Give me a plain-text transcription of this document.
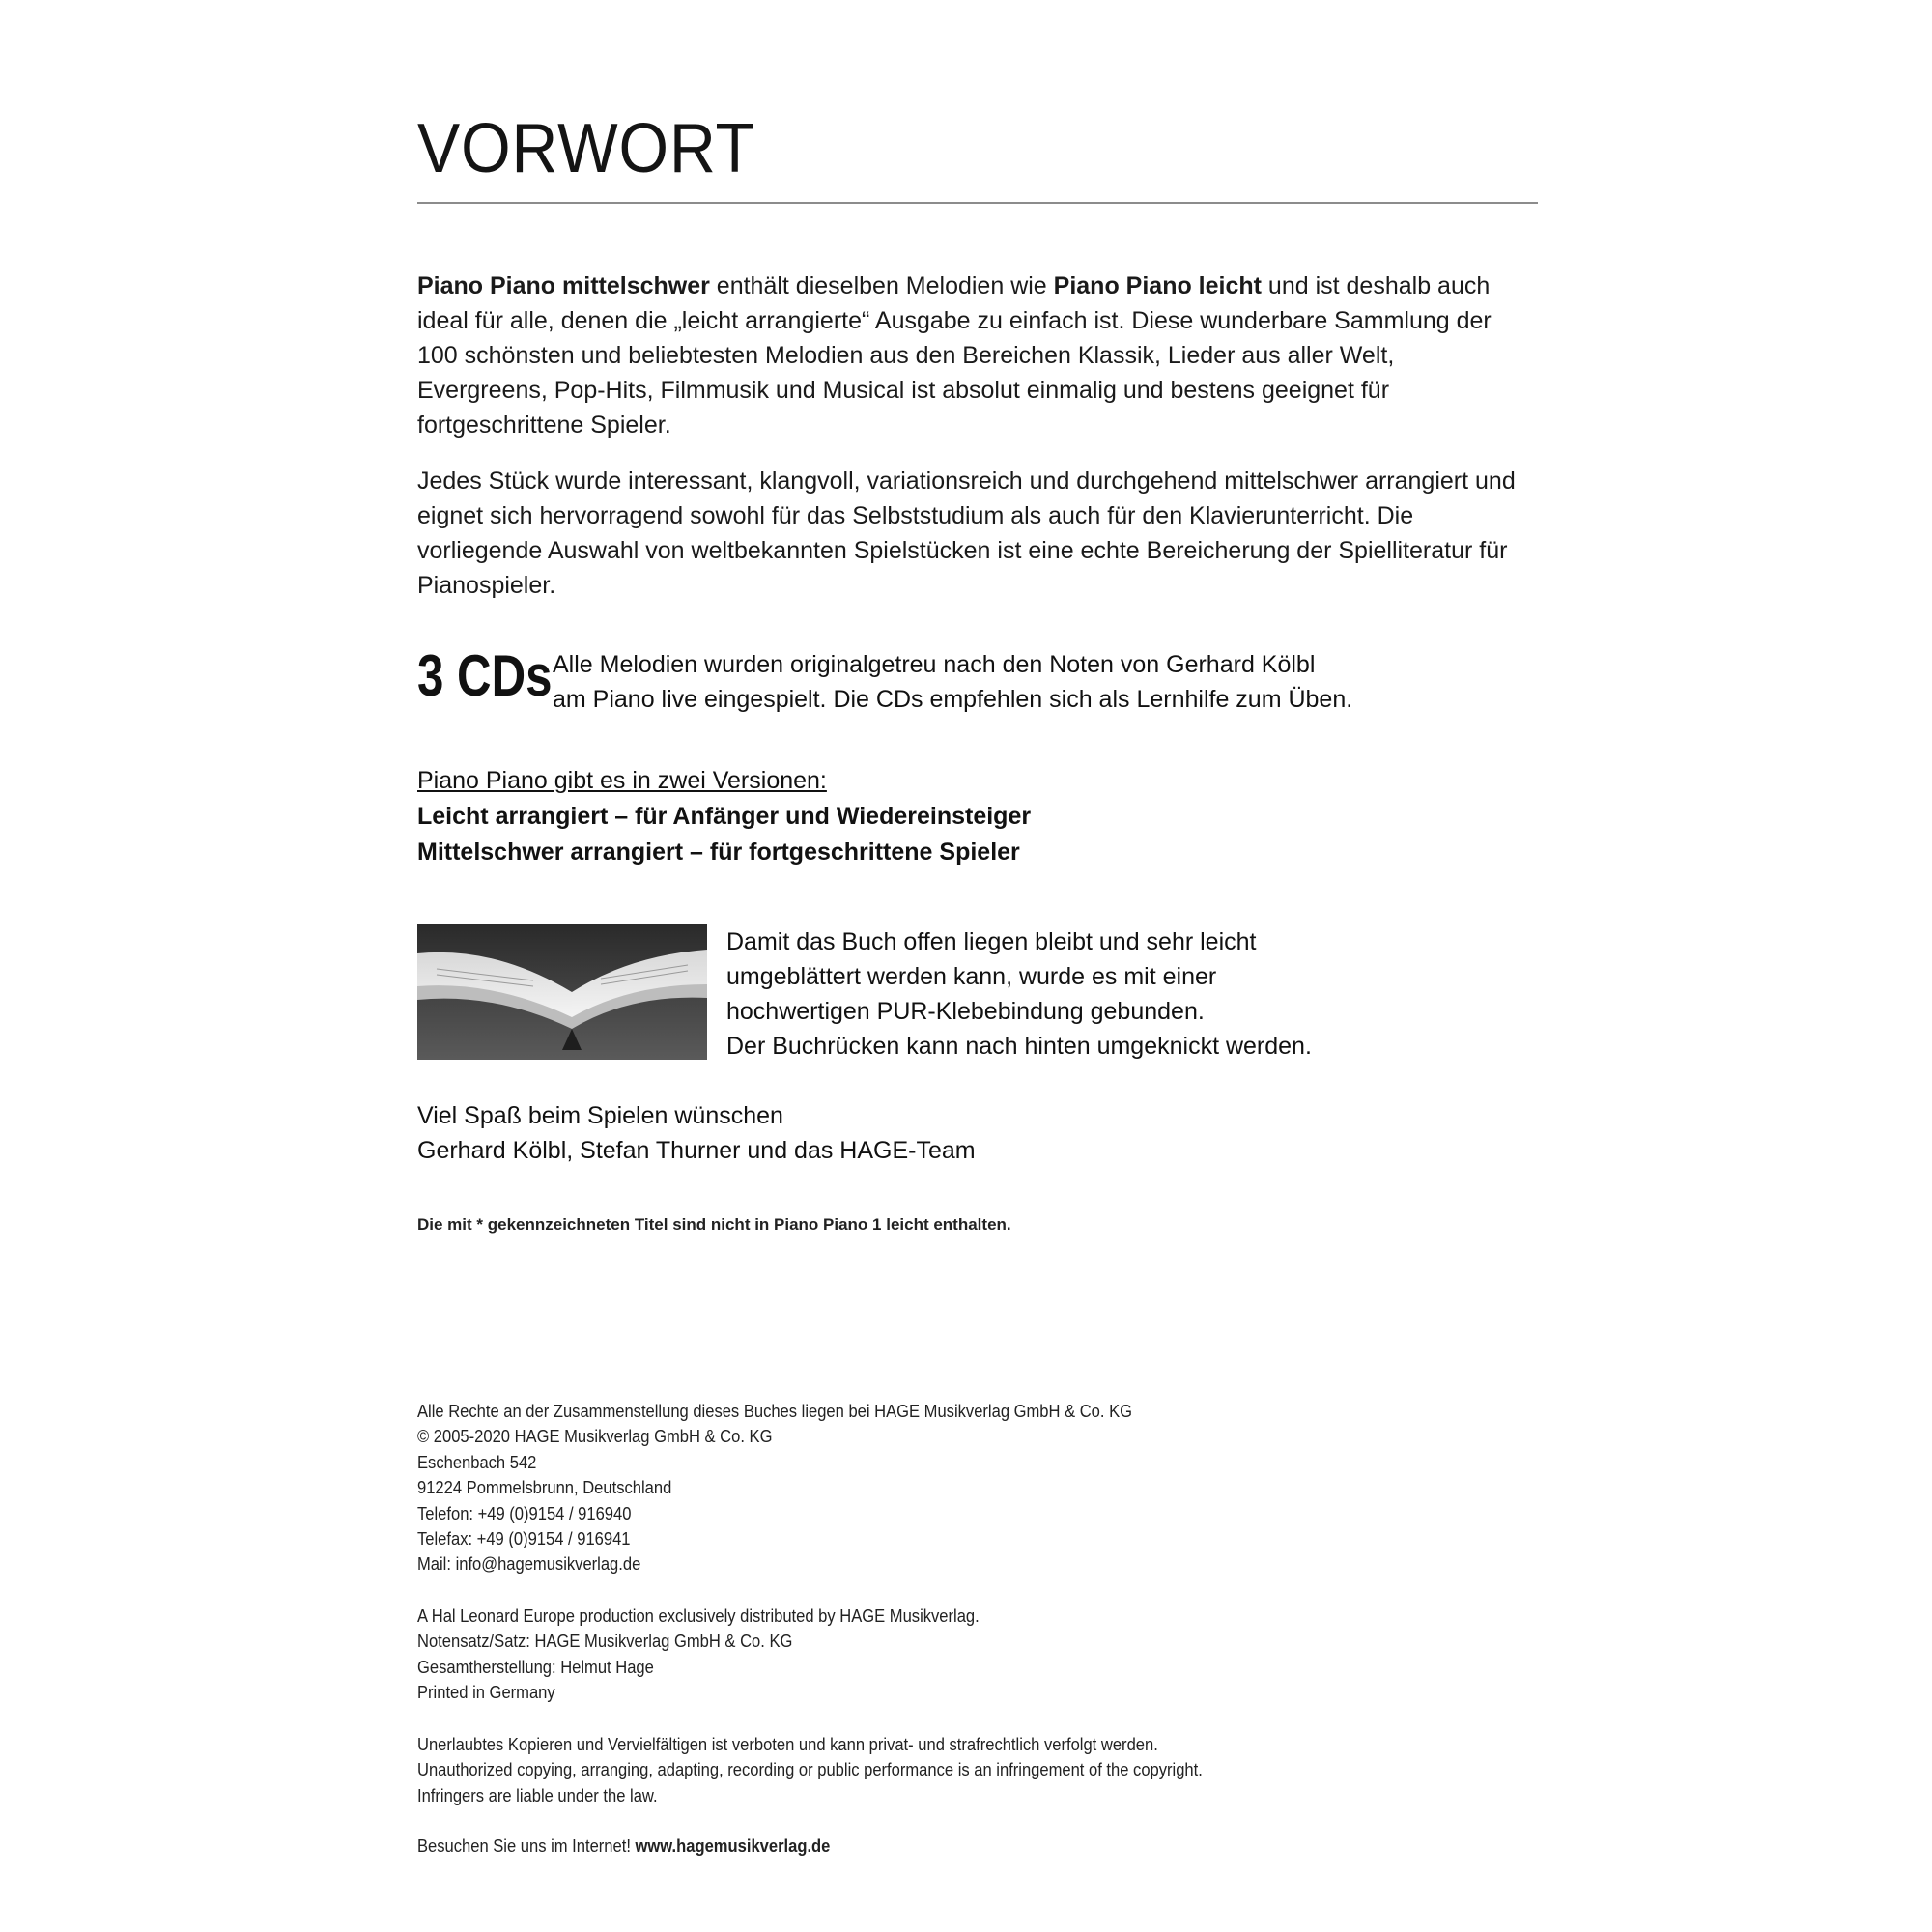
VORWORT
Piano Piano mittelschwer enthält dieselben Melodien wie Piano Piano leicht und ist deshalb auch ideal für alle, denen die „leicht arrangierte“ Ausgabe zu einfach ist. Diese wunderbare Sammlung der 100 schönsten und beliebtesten Melodien aus den Bereichen Klassik, Lieder aus aller Welt, Evergreens, Pop-Hits, Filmmusik und Musical ist absolut einmalig und bestens geeignet für fortgeschrittene Spieler.
Jedes Stück wurde interessant, klangvoll, variationsreich und durchgehend mittelschwer arrangiert und eignet sich hervorragend sowohl für das Selbststudium als auch für den Klavierunterricht. Die vorliegende Auswahl von weltbekannten Spielstücken ist eine echte Bereicherung der Spielliteratur für Pianospieler.
3 CDs Alle Melodien wurden originalgetreu nach den Noten von Gerhard Kölbl
am Piano live eingespielt. Die CDs empfehlen sich als Lernhilfe zum Üben.
Piano Piano gibt es in zwei Versionen:
Leicht arrangiert – für Anfänger und Wiedereinsteiger
Mittelschwer arrangiert – für fortgeschrittene Spieler
Damit das Buch offen liegen bleibt und sehr leicht
umgeblättert werden kann, wurde es mit einer
hochwertigen PUR-Klebebindung gebunden.
Der Buchrücken kann nach hinten umgeknickt werden.
Viel Spaß beim Spielen wünschen
Gerhard Kölbl, Stefan Thurner und das HAGE-Team
Die mit * gekennzeichneten Titel sind nicht in Piano Piano 1 leicht enthalten.
Alle Rechte an der Zusammenstellung dieses Buches liegen bei HAGE Musikverlag GmbH & Co. KG
© 2005-2020 HAGE Musikverlag GmbH & Co. KG
Eschenbach 542
91224 Pommelsbrunn, Deutschland
Telefon: +49 (0)9154 / 916940
Telefax: +49 (0)9154 / 916941
Mail: info@hagemusikverlag.de
A Hal Leonard Europe production exclusively distributed by HAGE Musikverlag.
Notensatz/Satz: HAGE Musikverlag GmbH & Co. KG
Gesamtherstellung: Helmut Hage
Printed in Germany
Unerlaubtes Kopieren und Vervielfältigen ist verboten und kann privat- und strafrechtlich verfolgt werden.
Unauthorized copying, arranging, adapting, recording or public performance is an infringement of the copyright.
Infringers are liable under the law.
Besuchen Sie uns im Internet! www.hagemusikverlag.de
